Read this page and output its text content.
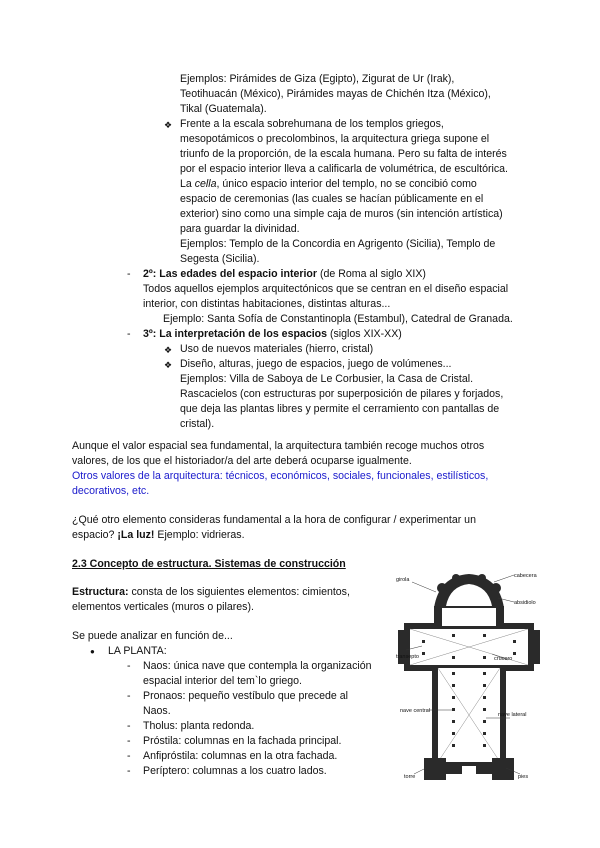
Ejemplos: Pirámides de Giza (Egipto), Zigurat de Ur (Irak),
Teotihuacán (México), Pirámides mayas de Chichén Itza (México),
Tikal (Guatemala).
❖ Frente a la escala sobrehumana de los templos griegos,
mesopotámicos o precolombinos, la arquitectura griega supone el
triunfo de la proporción, de la escala humana. Pero su falta de interés
por el espacio interior lleva a calificarla de volumétrica, de escultórica.
La cella, único espacio interior del templo, no se concibió como
espacio de ceremonias (las cuales se hacían públicamente en el
exterior) sino como una simple caja de muros (sin intención artística)
para guardar la divinidad.
Ejemplos: Templo de la Concordia en Agrigento (Sicilia), Templo de
Segesta (Sicilia).
- 2º: Las edades del espacio interior (de Roma al siglo XIX)
Todos aquellos ejemplos arquitectónicos que se centran en el diseño espacial
interior, con distintas habitaciones, distintas alturas...
Ejemplo: Santa Sofía de Constantinopla (Estambul), Catedral de Granada.
- 3º: La interpretación de los espacios (siglos XIX-XX)
❖ Uso de nuevos materiales (hierro, cristal)
❖ Diseño, alturas, juego de espacios, juego de volúmenes...
Ejemplos: Villa de Saboya de Le Corbusier, la Casa de Cristal.
Rascacielos (con estructuras por superposición de pilares y forjados,
que deja las plantas libres y permite el cerramiento con pantallas de
cristal).
Aunque el valor espacial sea fundamental, la arquitectura también recoge muchos otros
valores, de los que el historiador/a del arte deberá ocuparse igualmente.
Otros valores de la arquitectura: técnicos, económicos, sociales, funcionales, estilísticos,
decorativos, etc.
¿Qué otro elemento consideras fundamental a la hora de configurar / experimentar un
espacio? ¡La luz! Ejemplo: vidrieras.
2.3 Concepto de estructura. Sistemas de construcción
Estructura: consta de los siguientes elementos: cimientos,
elementos verticales (muros o pilares).
Se puede analizar en función de...
● LA PLANTA:
- Naos: única nave que contempla la organización
espacial interior del tem`lo griego.
- Pronaos: pequeño vestíbulo que precede al
Naos.
- Tholus: planta redonda.
- Próstila: columnas en la fachada principal.
- Anfipróstila: columnas en la otra fachada.
- Períptero: columnas a los cuatro lados.
girola
cabecera
absidiolo
transepto	crucero
nave central
nave lateral
torre	pies
